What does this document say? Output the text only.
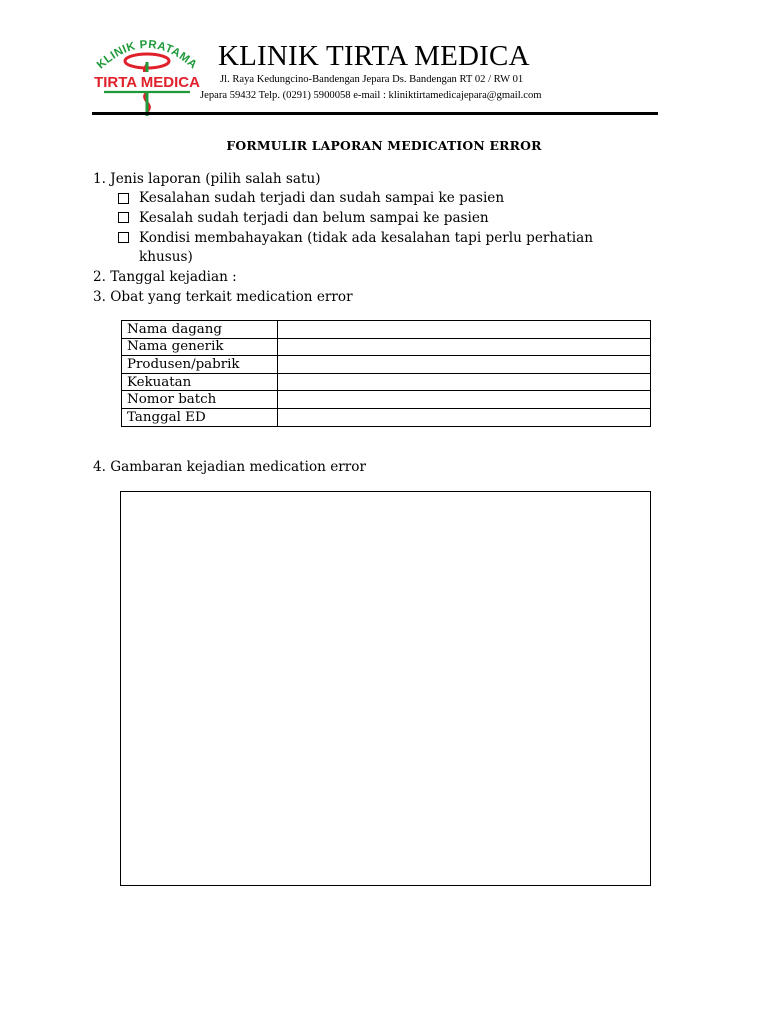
KLINIK PRATAMA
TIRTA MEDICA
KLINIK TIRTA MEDICA
Jl. Raya Kedungcino-Bandengan Jepara Ds. Bandengan RT 02 / RW 01
Jepara 59432 Telp. (0291) 5900058 e-mail : kliniktirtamedicajepara@gmail.com
FORMULIR LAPORAN MEDICATION ERROR
1. Jenis laporan (pilih salah satu)
Kesalahan sudah terjadi dan sudah sampai ke pasien
Kesalah sudah terjadi dan belum sampai ke pasien
Kondisi membahayakan (tidak ada kesalahan tapi perlu perhatian
khusus)
2. Tanggal kejadian :
3. Obat yang terkait medication error
Nama dagang	
Nama generik	
Produsen/pabrik	
Kekuatan	
Nomor batch	
Tanggal ED	
4. Gambaran kejadian medication error
